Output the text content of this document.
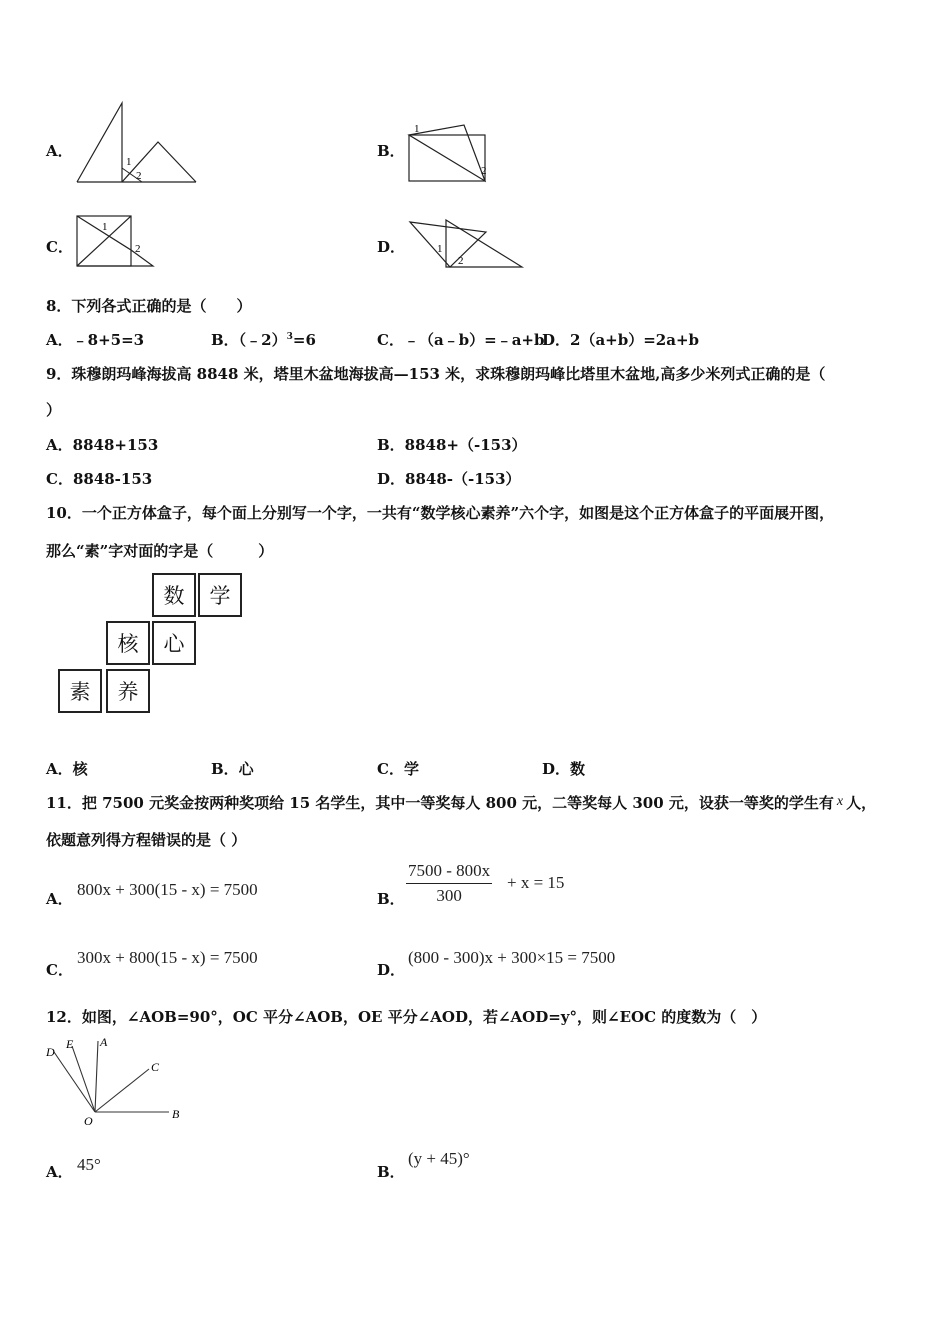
A．
1
2
B．
1
2
C．
1
2	D．	1
2
8．下列各式正确的是（　　）
A．﹣8+5=3	B．（﹣2）$^3$=6	C．﹣（a﹣b）=﹣a+b
D．2（a+b）=2a+b
9．珠穆朗玛峰海拔高 8848 米，塔里木盆地海拔高—153 米，求珠穆朗玛峰比塔里木盆地,高多少米列式正确的是（
）
A．8848+153	B．8848+（-153）
C．8848-153	D．8848-（-153）
10．一个正方体盒子，每个面上分别写一个字，一共有“数学核心素养”六个字，如图是这个正方体盒子的平面展开图，
那么“素”字对面的字是（　　　）
数	学
核	心
素	养
A．核	B．心	C．学	D．数
11．把 7500 元奖金按两种奖项给 15 名学生，其中一等奖每人 800 元，二等奖每人 300 元，设获一等奖的学生有 x 人，
依题意列得方程错误的是（ ）
A． 800x + 300(15 - x) = 7500	B． $\frac{7500 - 800x}{300} + x = 15$
C．
300x + 800(15 - x) = 7500
D．
(800 - 300)x + 300×15 = 7500
12．如图，∠AOB=90°，OC 平分∠AOB，OE 平分∠AOD，若∠AOD=y°，则∠EOC 的度数为（　）
D
E A
C
O	B
A． 45°	B．
(y + 45)°
